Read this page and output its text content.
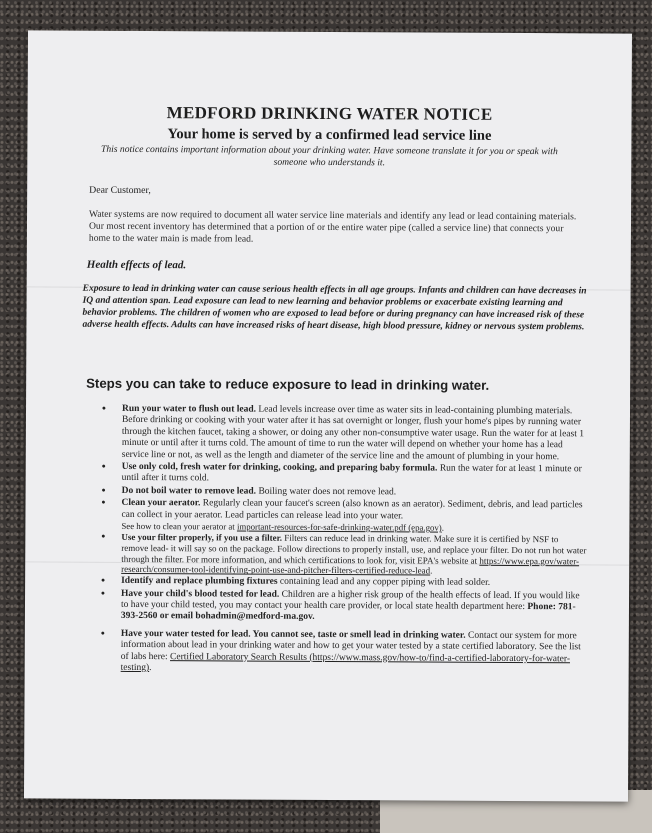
MEDFORD DRINKING WATER NOTICE
Your home is served by a confirmed lead service line

This notice contains important information about your drinking water. Have someone translate it for you or speak with someone who understands it.

Dear Customer,

Water systems are now required to document all water service line materials and identify any lead or lead containing materials. Our most recent inventory has determined that a portion of or the entire water pipe (called a service line) that connects your home to the water main is made from lead.

Health effects of lead.

Exposure to lead in drinking water can cause serious health effects in all age groups. Infants and children can have decreases in IQ and attention span. Lead exposure can lead to new learning and behavior problems or exacerbate existing learning and behavior problems. The children of women who are exposed to lead before or during pregnancy can have increased risk of these adverse health effects. Adults can have increased risks of heart disease, high blood pressure, kidney or nervous system problems.

Steps you can take to reduce exposure to lead in drinking water.

• Run your water to flush out lead. Lead levels increase over time as water sits in lead-containing plumbing materials. Before drinking or cooking with your water after it has sat overnight or longer, flush your home's pipes by running water through the kitchen faucet, taking a shower, or doing any other non-consumptive water usage. Run the water for at least 1 minute or until after it turns cold. The amount of time to run the water will depend on whether your home has a lead service line or not, as well as the length and diameter of the service line and the amount of plumbing in your home.
• Use only cold, fresh water for drinking, cooking, and preparing baby formula. Run the water for at least 1 minute or until after it turns cold.
• Do not boil water to remove lead. Boiling water does not remove lead.
• Clean your aerator. Regularly clean your faucet's screen (also known as an aerator). Sediment, debris, and lead particles can collect in your aerator. Lead particles can release lead into your water.
See how to clean your aerator at important-resources-for-safe-drinking-water.pdf (epa.gov).
• Use your filter properly, if you use a filter. Filters can reduce lead in drinking water. Make sure it is certified by NSF to remove lead- it will say so on the package. Follow directions to properly install, use, and replace your filter. Do not run hot water through the filter. For more information, and which certifications to look for, visit EPA's website at https://www.epa.gov/water-research/consumer-tool-identifying-point-use-and-pitcher-filters-certified-reduce-lead.
• Identify and replace plumbing fixtures containing lead and any copper piping with lead solder.
• Have your child's blood tested for lead. Children are a higher risk group of the health effects of lead. If you would like to have your child tested, you may contact your health care provider, or local state health department here: Phone: 781-393-2560 or email bohadmin@medford-ma.gov.
• Have your water tested for lead. You cannot see, taste or smell lead in drinking water. Contact our system for more information about lead in your drinking water and how to get your water tested by a state certified laboratory. See the list of labs here: Certified Laboratory Search Results (https://www.mass.gov/how-to/find-a-certified-laboratory-for-water-testing).
